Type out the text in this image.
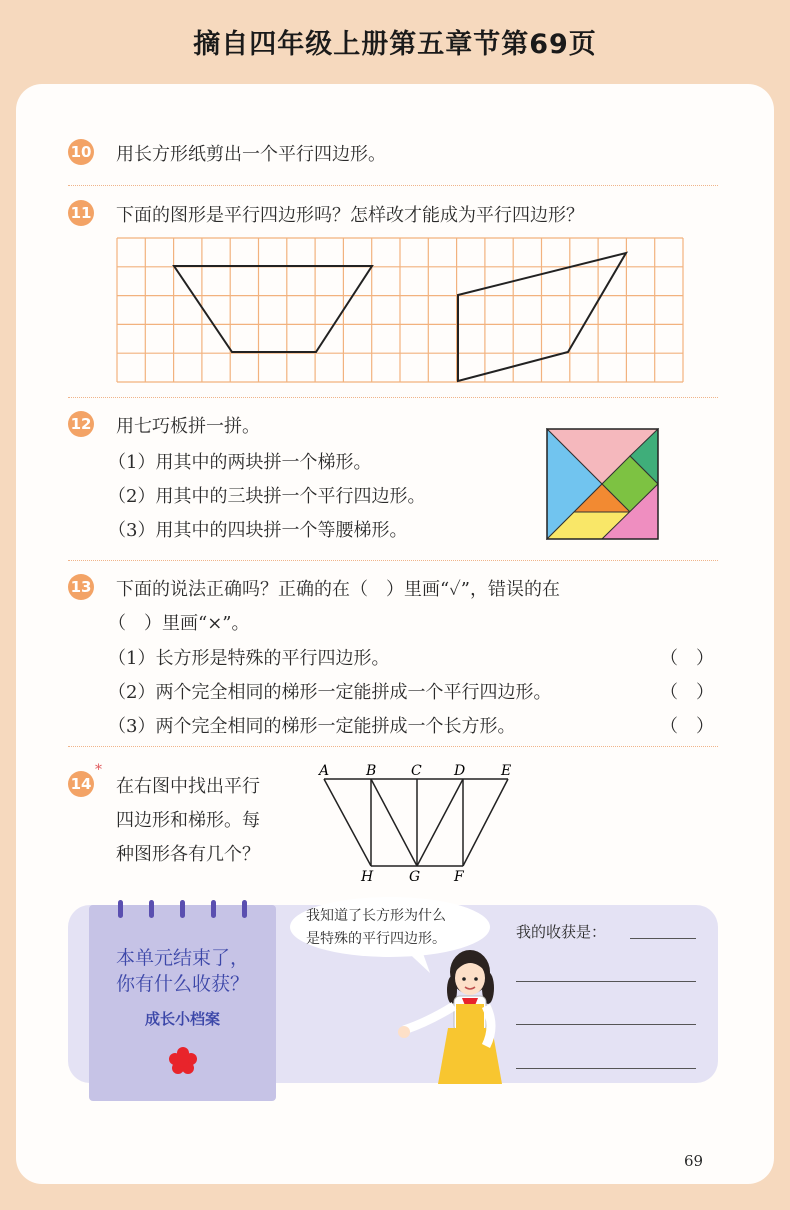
摘自四年级上册第五章节第69页
10 用长方形纸剪出一个平行四边形。
11 下面的图形是平行四边形吗？怎样改才能成为平行四边形？
12 用七巧板拼一拼。
（1）用其中的两块拼一个梯形。
（2）用其中的三块拼一个平行四边形。
（3）用其中的四块拼一个等腰梯形。
13 下面的说法正确吗？正确的在（　）里画“✓”，错误的在
（　）里画“×”。
（1）长方形是特殊的平行四边形。	（　）
（2）两个完全相同的梯形一定能拼成一个平行四边形。	（　）
（3）两个完全相同的梯形一定能拼成一个长方形。	（　）
14
*
在右图中找出平行
四边形和梯形。每
种图形各有几个？
A	B C D	E
H	G F
本单元结束了，
你有什么收获？
成长小档案
我知道了长方形为什么
是特殊的平行四边形。	我的收获是：
69
